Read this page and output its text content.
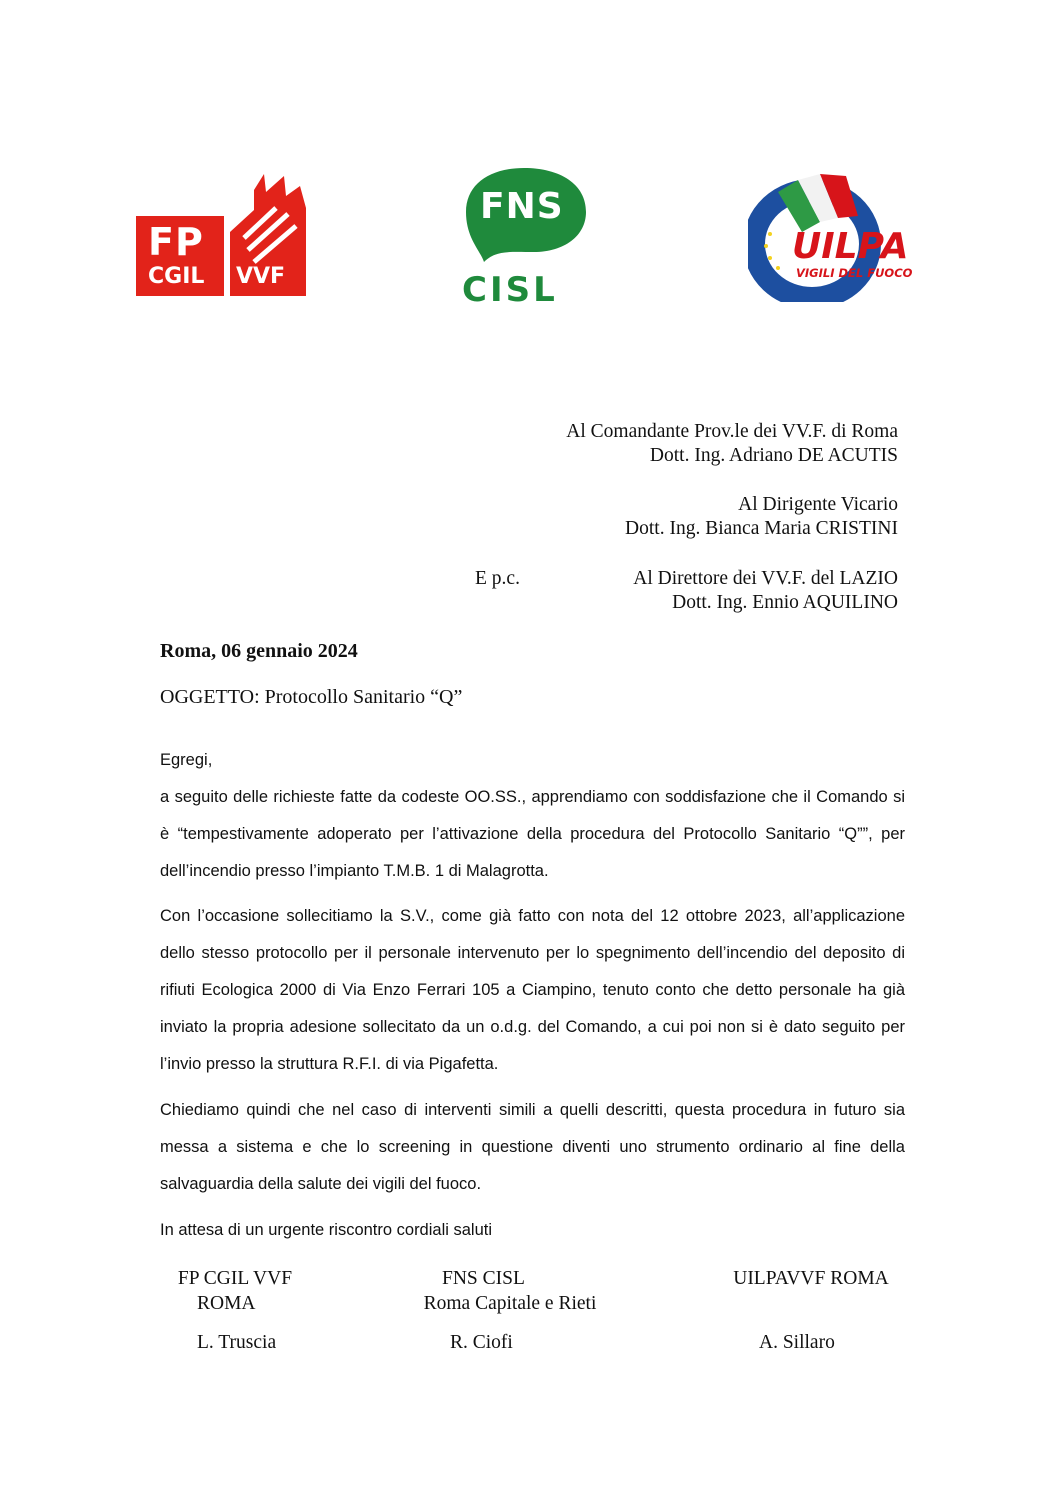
FP
CGIL VVF
FNS
CISL
UILPA
VIGILI DEL FUOCO
Al Comandante Prov.le dei VV.F. di Roma
Dott. Ing. Adriano DE ACUTIS
Al Dirigente Vicario
Dott. Ing. Bianca Maria CRISTINI
E p.c.	Al Direttore dei VV.F. del LAZIO
Dott. Ing. Ennio AQUILINO
Roma, 06 gennaio 2024
OGGETTO: Protocollo Sanitario “Q”
Egregi,
a seguito delle richieste fatte da codeste OO.SS., apprendiamo con soddisfazione che il Comando si è “tempestivamente adoperato per l’attivazione della procedura del Protocollo Sanitario “Q””, per dell’incendio presso l’impianto T.M.B. 1 di Malagrotta.
Con l’occasione sollecitiamo la S.V., come già fatto con nota del 12 ottobre 2023, all’applicazione dello stesso protocollo per il personale intervenuto per lo spegnimento dell’incendio del deposito di rifiuti Ecologica 2000 di Via Enzo Ferrari 105 a Ciampino, tenuto conto che detto personale ha già inviato la propria adesione sollecitato da un o.d.g. del Comando, a cui poi non si è dato seguito per l’invio presso la struttura R.F.I. di via Pigafetta.
Chiediamo quindi che nel caso di interventi simili a quelli descritti, questa procedura in futuro sia messa a sistema e che lo screening in questione diventi uno strumento ordinario al fine della salvaguardia della salute dei vigili del fuoco.
In attesa di un urgente riscontro cordiali saluti
FP CGIL VVF
ROMA
L. Truscia
FNS CISL
Roma Capitale e Rieti
R. Ciofi
UILPAVVF ROMA
A. Sillaro
